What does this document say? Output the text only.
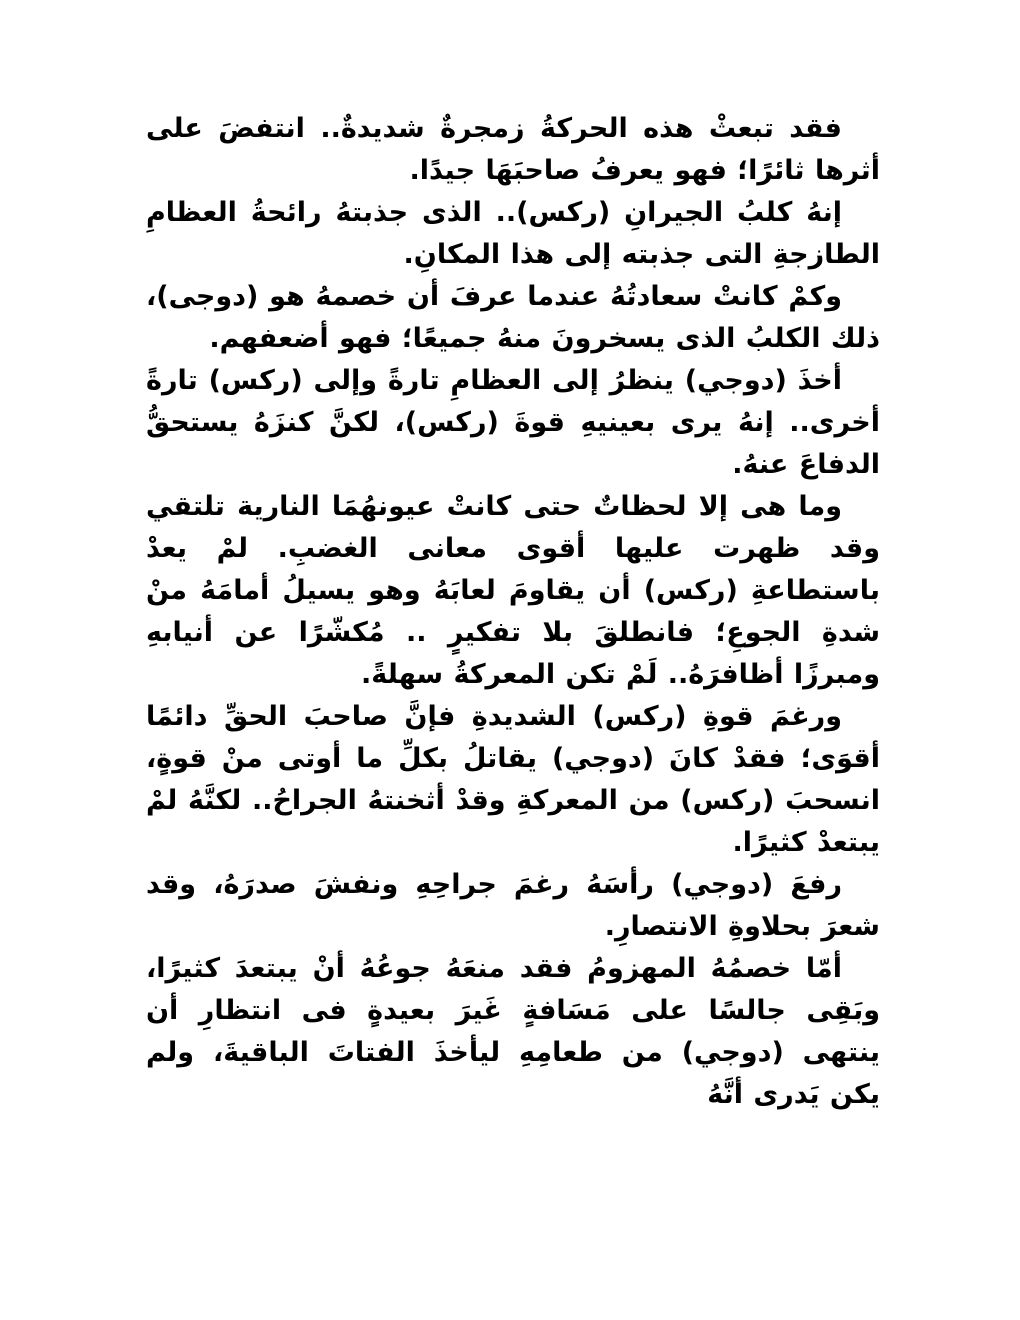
فقد تبعثْ هذه الحركةُ زمجرةٌ شديدةٌ.. انتفضَ على أثرها ثائرًا؛ فهو يعرفُ صاحبَهَا جيدًا.

إنهُ كلبُ الجيرانِ (ركس).. الذى جذبتهُ رائحةُ العظامِ الطازجةِ التى جذبته إلى هذا المكانِ.

وكمْ كانتْ سعادتُهُ عندما عرفَ أن خصمهُ هو (دوجى)، ذلك الكلبُ الذى يسخرونَ منهُ جميعًا؛ فهو أضعفهم.

أخذَ (دوجي) ينظرُ إلى العظامِ تارةً وإلى (ركس) تارةً أخرى.. إنهُ يرى بعينيهِ قوةَ (ركس)، لكنَّ كنزَهُ يستحقُّ الدفاعَ عنهُ.

وما هى إلا لحظاتٌ حتى كانتْ عيونهُمَا النارية تلتقي وقد ظهرت عليها أقوى معانى الغضبِ. لمْ يعدْ باستطاعةِ (ركس) أن يقاومَ لعابَهُ وهو يسيلُ أمامَهُ منْ شدةِ الجوعِ؛ فانطلقَ بلا تفكيرٍ .. مُكشّرًا عن أنيابهِ ومبرزًا أظافرَهُ.. لَمْ تكن المعركةُ سهلةً.

ورغمَ قوةِ (ركس) الشديدةِ فإنَّ صاحبَ الحقِّ دائمًا أقوَى؛ فقدْ كانَ (دوجي) يقاتلُ بكلِّ ما أوتى منْ قوةٍ، انسحبَ (ركس) من المعركةِ وقدْ أثخنتهُ الجراحُ.. لكنَّهُ لمْ يبتعدْ كثيرًا.

رفعَ (دوجي) رأسَهُ رغمَ جراحِهِ ونفشَ صدرَهُ، وقد شعرَ بحلاوةِ الانتصارِ.

أمّا خصمُهُ المهزومُ فقد منعَهُ جوعُهُ أنْ يبتعدَ كثيرًا، وبَقِى جالسًا على مَسَافةٍ غَيرَ بعيدةٍ فى انتظارِ أن ينتهى (دوجي) من طعامِهِ ليأخذَ الفتاتَ الباقيةَ، ولم يكن يَدرى أنَّهُ
